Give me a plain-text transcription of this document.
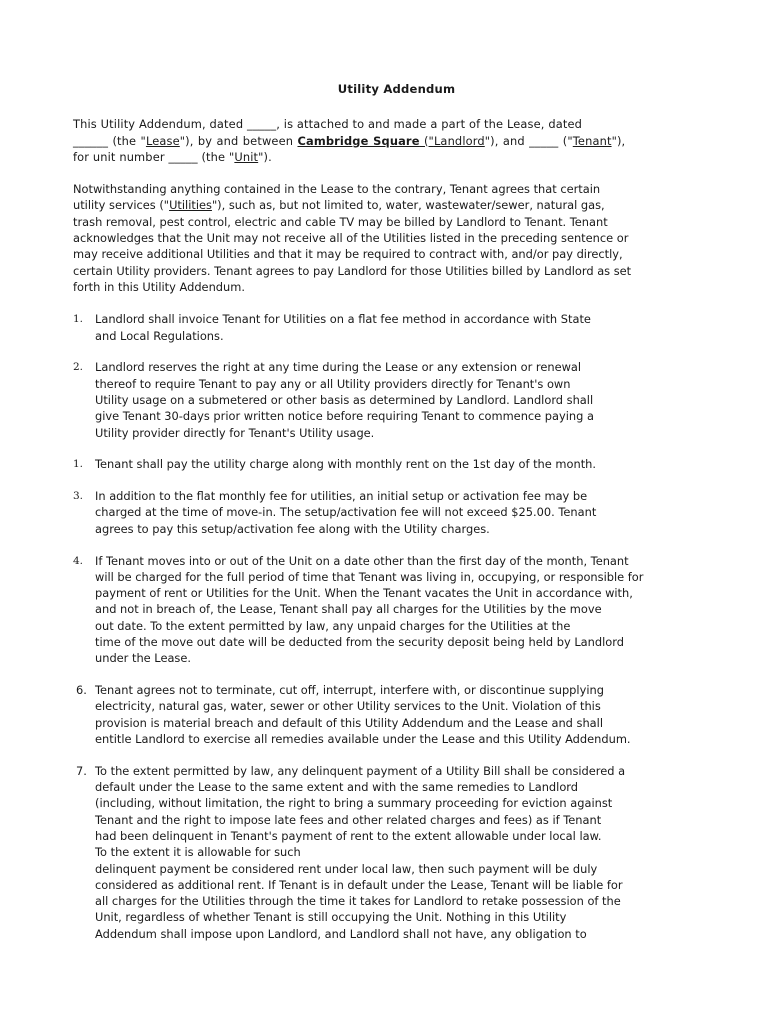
Utility Addendum
This Utility Addendum, dated _____, is attached to and made a part of the Lease, dated
______ (the "Lease"), by and between Cambridge Square ("Landlord"), and _____ ("Tenant"),
for unit number _____ (the "Unit").
Notwithstanding anything contained in the Lease to the contrary, Tenant agrees that certain
utility services ("Utilities"), such as, but not limited to, water, wastewater/sewer, natural gas,
trash removal, pest control, electric and cable TV may be billed by Landlord to Tenant. Tenant
acknowledges that the Unit may not receive all of the Utilities listed in the preceding sentence or
may receive additional Utilities and that it may be required to contract with, and/or pay directly,
certain Utility providers. Tenant agrees to pay Landlord for those Utilities billed by Landlord as set
forth in this Utility Addendum.
1. Landlord shall invoice Tenant for Utilities on a flat fee method in accordance with State
and Local Regulations.
2. Landlord reserves the right at any time during the Lease or any extension or renewal
thereof to require Tenant to pay any or all Utility providers directly for Tenant's own
Utility usage on a submetered or other basis as determined by Landlord. Landlord shall
give Tenant 30-days prior written notice before requiring Tenant to commence paying a
Utility provider directly for Tenant's Utility usage.
1. Tenant shall pay the utility charge along with monthly rent on the 1st day of the month.
3. In addition to the flat monthly fee for utilities, an initial setup or activation fee may be
charged at the time of move-in. The setup/activation fee will not exceed $25.00. Tenant
agrees to pay this setup/activation fee along with the Utility charges.
4. If Tenant moves into or out of the Unit on a date other than the first day of the month, Tenant
will be charged for the full period of time that Tenant was living in, occupying, or responsible for
payment of rent or Utilities for the Unit. When the Tenant vacates the Unit in accordance with,
and not in breach of, the Lease, Tenant shall pay all charges for the Utilities by the move
out date. To the extent permitted by law, any unpaid charges for the Utilities at the
time of the move out date will be deducted from the security deposit being held by Landlord
under the Lease.
6. Tenant agrees not to terminate, cut off, interrupt, interfere with, or discontinue supplying
electricity, natural gas, water, sewer or other Utility services to the Unit. Violation of this
provision is material breach and default of this Utility Addendum and the Lease and shall
entitle Landlord to exercise all remedies available under the Lease and this Utility Addendum.
7. To the extent permitted by law, any delinquent payment of a Utility Bill shall be considered a
default under the Lease to the same extent and with the same remedies to Landlord
(including, without limitation, the right to bring a summary proceeding for eviction against
Tenant and the right to impose late fees and other related charges and fees) as if Tenant
had been delinquent in Tenant's payment of rent to the extent allowable under local law.
To the extent it is allowable for such
delinquent payment be considered rent under local law, then such payment will be duly
considered as additional rent. If Tenant is in default under the Lease, Tenant will be liable for
all charges for the Utilities through the time it takes for Landlord to retake possession of the
Unit, regardless of whether Tenant is still occupying the Unit. Nothing in this Utility
Addendum shall impose upon Landlord, and Landlord shall not have, any obligation to
